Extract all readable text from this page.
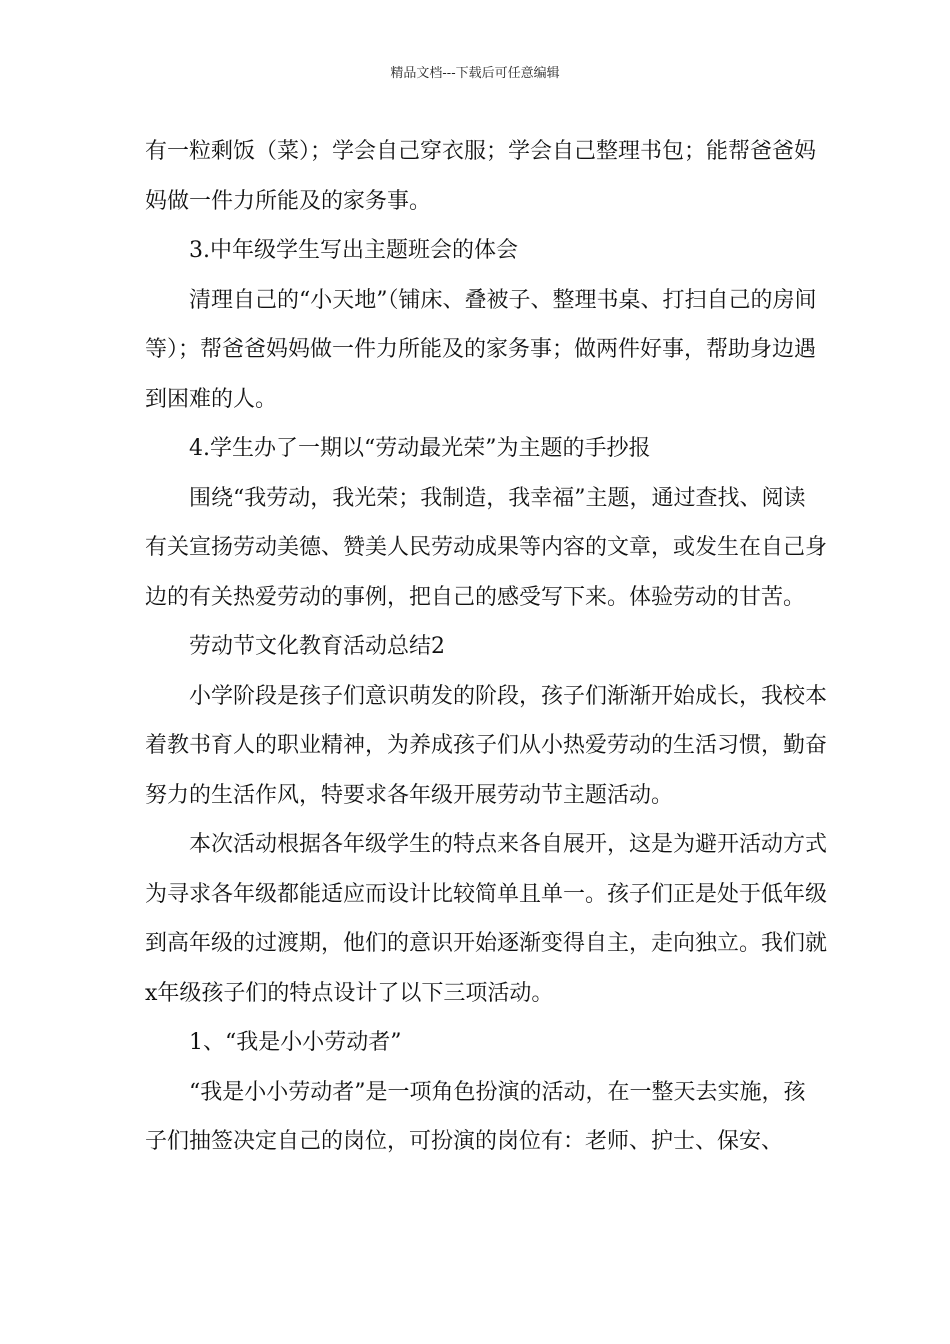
精品文档---下载后可任意编辑

有一粒剩饭（菜）；学会自己穿衣服；学会自己整理书包；能帮爸爸妈妈做一件力所能及的家务事。

3.中年级学生写出主题班会的体会

清理自己的“小天地”（铺床、叠被子、整理书桌、打扫自己的房间等）；帮爸爸妈妈做一件力所能及的家务事；做两件好事，帮助身边遇到困难的人。

4.学生办了一期以“劳动最光荣”为主题的手抄报

围绕“我劳动，我光荣；我制造，我幸福”主题，通过查找、阅读有关宣扬劳动美德、赞美人民劳动成果等内容的文章，或发生在自己身边的有关热爱劳动的事例，把自己的感受写下来。体验劳动的甘苦。

劳动节文化教育活动总结2

小学阶段是孩子们意识萌发的阶段，孩子们渐渐开始成长，我校本着教书育人的职业精神，为养成孩子们从小热爱劳动的生活习惯，勤奋努力的生活作风，特要求各年级开展劳动节主题活动。

本次活动根据各年级学生的特点来各自展开，这是为避开活动方式为寻求各年级都能适应而设计比较简单且单一。孩子们正是处于低年级到高年级的过渡期，他们的意识开始逐渐变得自主，走向独立。我们就x年级孩子们的特点设计了以下三项活动。

1、“我是小小劳动者”

“我是小小劳动者”是一项角色扮演的活动，在一整天去实施，孩子们抽签决定自己的岗位，可扮演的岗位有：老师、护士、保安、
